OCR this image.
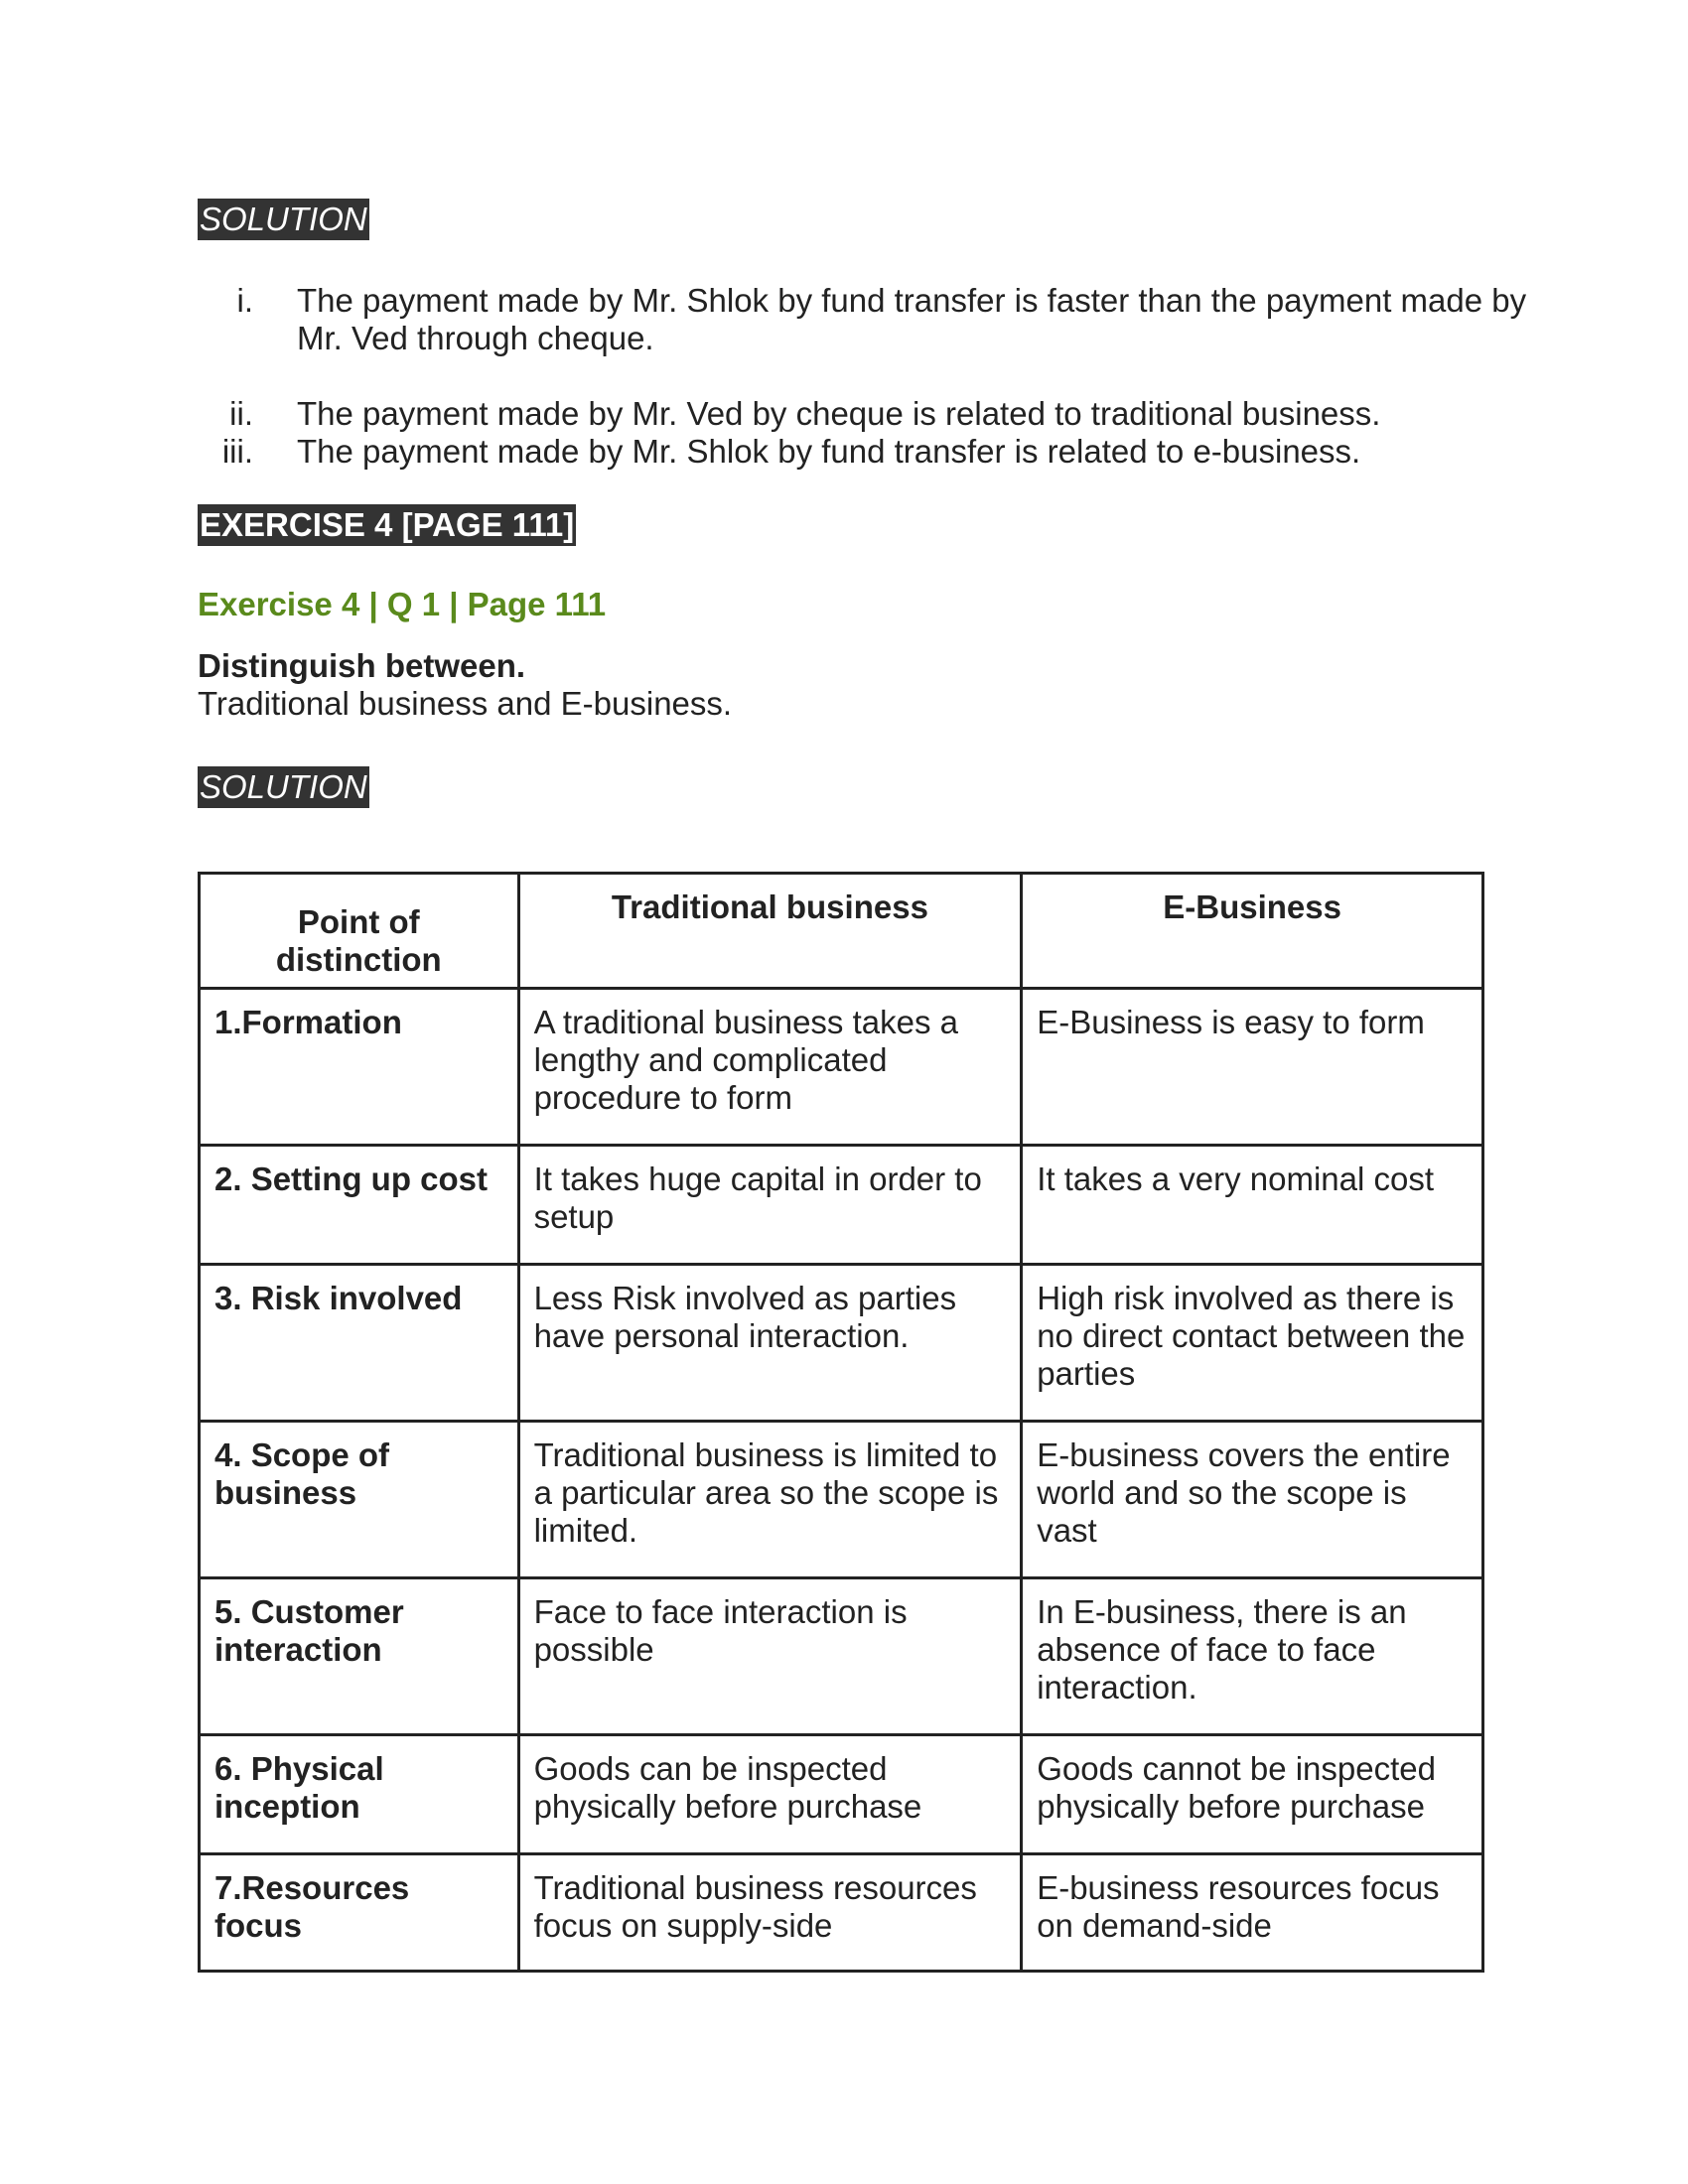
SOLUTION
i. The payment made by Mr. Shlok by fund transfer is faster than the payment made by Mr. Ved through cheque.
ii. The payment made by Mr. Ved by cheque is related to traditional business.
iii. The payment made by Mr. Shlok by fund transfer is related to e-business.
EXERCISE 4 [PAGE 111]
Exercise 4 | Q 1 | Page 111
Distinguish between.
Traditional business and E-business.
SOLUTION
Point of distinction	Traditional business	E-Business
1.Formation	A traditional business takes a lengthy and complicated procedure to form	E-Business is easy to form
2. Setting up cost	It takes huge capital in order to setup	It takes a very nominal cost
3. Risk involved	Less Risk involved as parties have personal interaction.	High risk involved as there is no direct contact between the parties
4. Scope of business	Traditional business is limited to a particular area so the scope is limited.	E-business covers the entire world and so the scope is vast
5. Customer interaction	Face to face interaction is possible	In E-business, there is an absence of face to face interaction.
6. Physical inception	Goods can be inspected physically before purchase	Goods cannot be inspected physically before purchase
7.Resources focus	Traditional business resources focus on supply-side	E-business resources focus on demand-side
